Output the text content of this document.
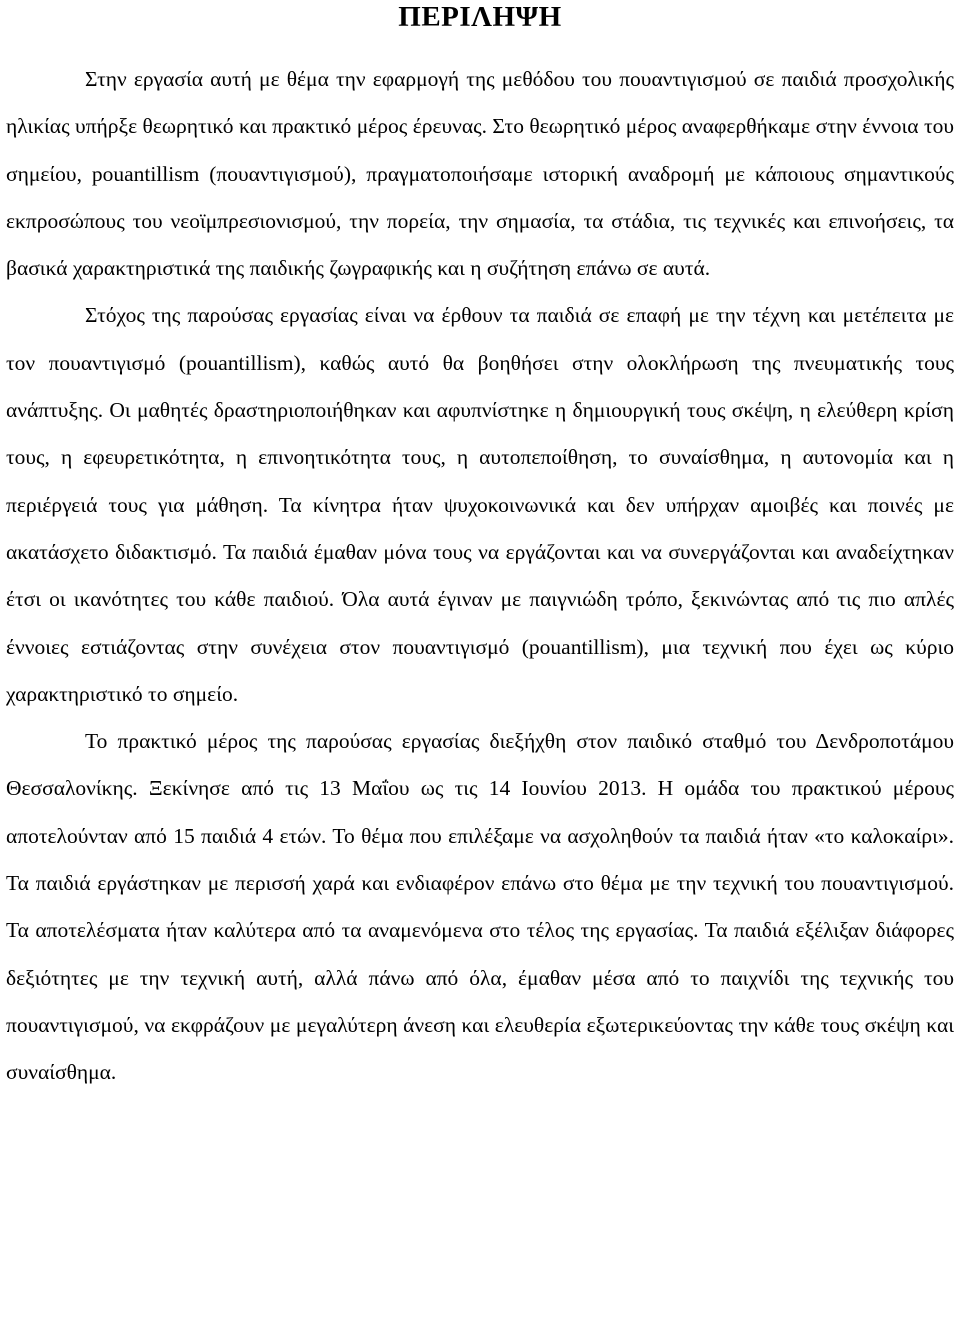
ΠΕΡΙΛΗΨΗ

Στην εργασία αυτή με θέμα την εφαρμογή της μεθόδου του πουαντιγισμού σε παιδιά προσχολικής ηλικίας υπήρξε θεωρητικό και πρακτικό μέρος έρευνας. Στο θεωρητικό μέρος αναφερθήκαμε στην έννοια του σημείου, pouantillism (πουαντιγισμού), πραγματοποιήσαμε ιστορική αναδρομή με κάποιους σημαντικούς εκπροσώπους του νεοϊμπρεσιονισμού, την πορεία, την σημασία, τα στάδια, τις τεχνικές και επινοήσεις, τα βασικά χαρακτηριστικά της παιδικής ζωγραφικής και η συζήτηση επάνω σε αυτά.

Στόχος της παρούσας εργασίας είναι να έρθουν τα παιδιά σε επαφή με την τέχνη και μετέπειτα με τον πουαντιγισμό (pouantillism), καθώς αυτό θα βοηθήσει στην ολοκλήρωση της πνευματικής τους ανάπτυξης. Οι μαθητές δραστηριοποιήθηκαν και αφυπνίστηκε η δημιουργική τους σκέψη, η ελεύθερη κρίση τους, η εφευρετικότητα, η επινοητικότητα τους, η αυτοπεποίθηση, το συναίσθημα, η αυτονομία και η περιέργειά τους για μάθηση. Τα κίνητρα ήταν ψυχοκοινωνικά και δεν υπήρχαν αμοιβές και ποινές με ακατάσχετο διδακτισμό. Τα παιδιά έμαθαν μόνα τους να εργάζονται και να συνεργάζονται και αναδείχτηκαν έτσι οι ικανότητες του κάθε παιδιού. Όλα αυτά έγιναν με παιγνιώδη τρόπο, ξεκινώντας από τις πιο απλές έννοιες εστιάζοντας στην συνέχεια στον πουαντιγισμό (pouantillism), μια τεχνική που έχει ως κύριο χαρακτηριστικό το σημείο.

Το πρακτικό μέρος της παρούσας εργασίας διεξήχθη στον παιδικό σταθμό του Δενδροποτάμου Θεσσαλονίκης. Ξεκίνησε από τις 13 Μαΐου ως τις 14 Ιουνίου 2013. Η ομάδα του πρακτικού μέρους αποτελούνταν από 15 παιδιά 4 ετών. Το θέμα που επιλέξαμε να ασχοληθούν τα παιδιά ήταν «το καλοκαίρι». Τα παιδιά εργάστηκαν με περισσή χαρά και ενδιαφέρον επάνω στο θέμα με την τεχνική του πουαντιγισμού. Τα αποτελέσματα ήταν καλύτερα από τα αναμενόμενα στο τέλος της εργασίας. Τα παιδιά εξέλιξαν διάφορες δεξιότητες με την τεχνική αυτή, αλλά πάνω από όλα, έμαθαν μέσα από το παιχνίδι της τεχνικής του πουαντιγισμού, να εκφράζουν με μεγαλύτερη άνεση και ελευθερία εξωτερικεύοντας την κάθε τους σκέψη και συναίσθημα.
